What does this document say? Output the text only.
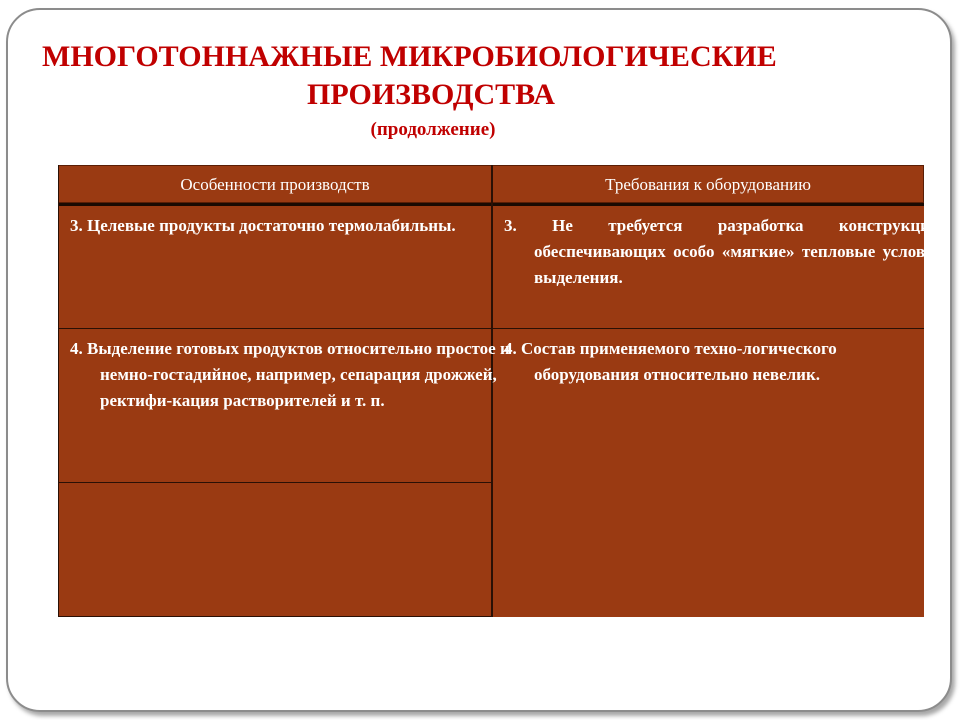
МНОГОТОННАЖНЫЕ МИКРОБИОЛОГИЧЕСКИЕ
ПРОИЗВОДСТВА
(продолжение)
Особенности производств	Требования к оборудованию
3. Целевые продукты достаточно термолабильны.	3. Не требуется разработка конструкций, обеспечивающих особо «мягкие» тепловые условия выделения.
4. Выделение готовых продуктов относительно простое и немно-гостадийное, например, сепарация дрожжей, ректифи-кация растворителей и т. п.
4. Состав применяемого техно-логического оборудования относительно невелик.
